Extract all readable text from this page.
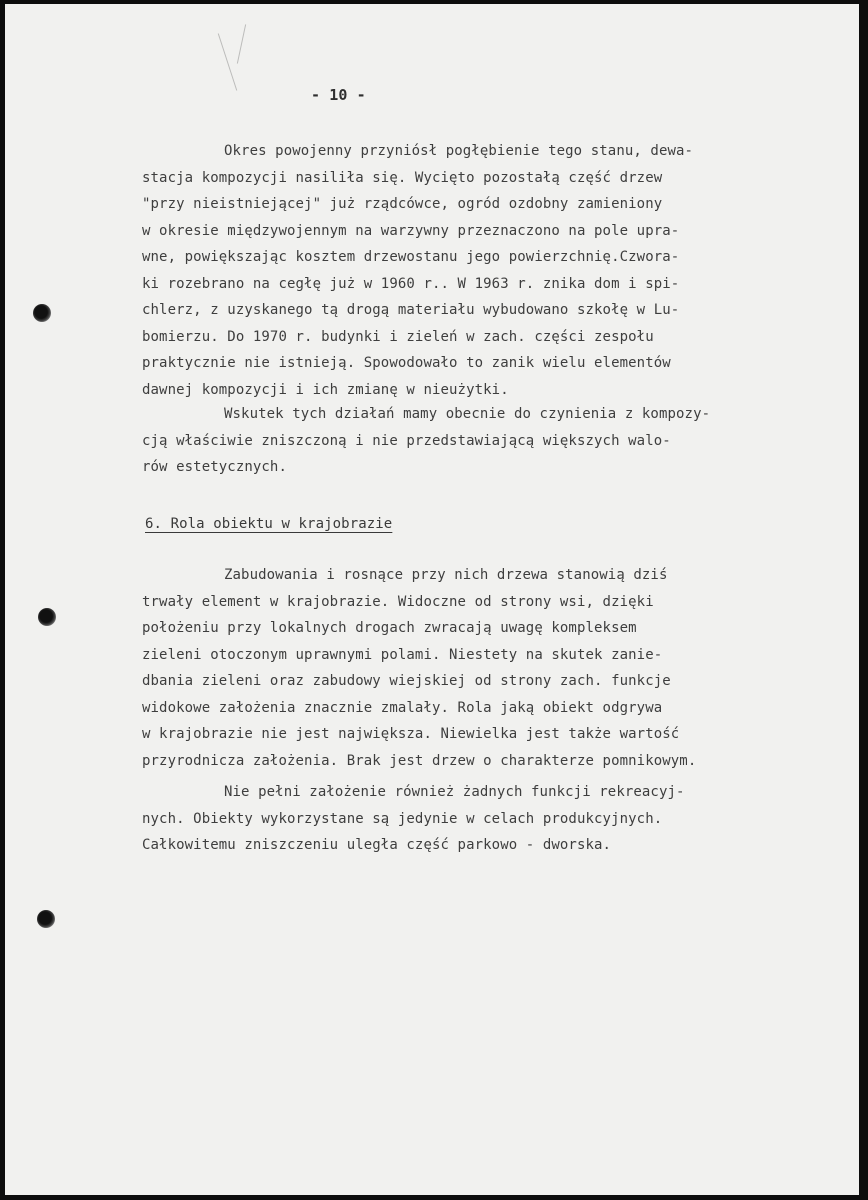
- 10 -
Okres powojenny przyniósł pogłębienie tego stanu, dewa-
stacja kompozycji nasiliła się. Wycięto pozostałą część drzew
"przy nieistniejącej" już rządcówce, ogród ozdobny zamieniony
w okresie międzywojennym na warzywny przeznaczono na pole upra-
wne, powiększając kosztem drzewostanu jego powierzchnię.Czwora-
ki rozebrano na cegłę już w 1960 r.. W 1963 r. znika dom i spi-
chlerz, z uzyskanego tą drogą materiału wybudowano szkołę w Lu-
bomierzu. Do 1970 r. budynki i zieleń w zach. części zespołu
praktycznie nie istnieją. Spowodowało to zanik wielu elementów
dawnej kompozycji i ich zmianę w nieużytki.
Wskutek tych działań mamy obecnie do czynienia z kompozy-
cją właściwie zniszczoną i nie przedstawiającą większych walo-
rów estetycznych.
6. Rola obiektu w krajobrazie
Zabudowania i rosnące przy nich drzewa stanowią dziś
trwały element w krajobrazie. Widoczne od strony wsi, dzięki
położeniu przy lokalnych drogach zwracają uwagę kompleksem
zieleni otoczonym uprawnymi polami. Niestety na skutek zanie-
dbania zieleni oraz zabudowy wiejskiej od strony zach. funkcje
widokowe założenia znacznie zmalały. Rola jaką obiekt odgrywa
w krajobrazie nie jest największa. Niewielka jest także wartość
przyrodnicza założenia. Brak jest drzew o charakterze pomnikowym.
Nie pełni założenie również żadnych funkcji rekreacyj-
nych. Obiekty wykorzystane są jedynie w celach produkcyjnych.
Całkowitemu zniszczeniu uległa część parkowo - dworska.
